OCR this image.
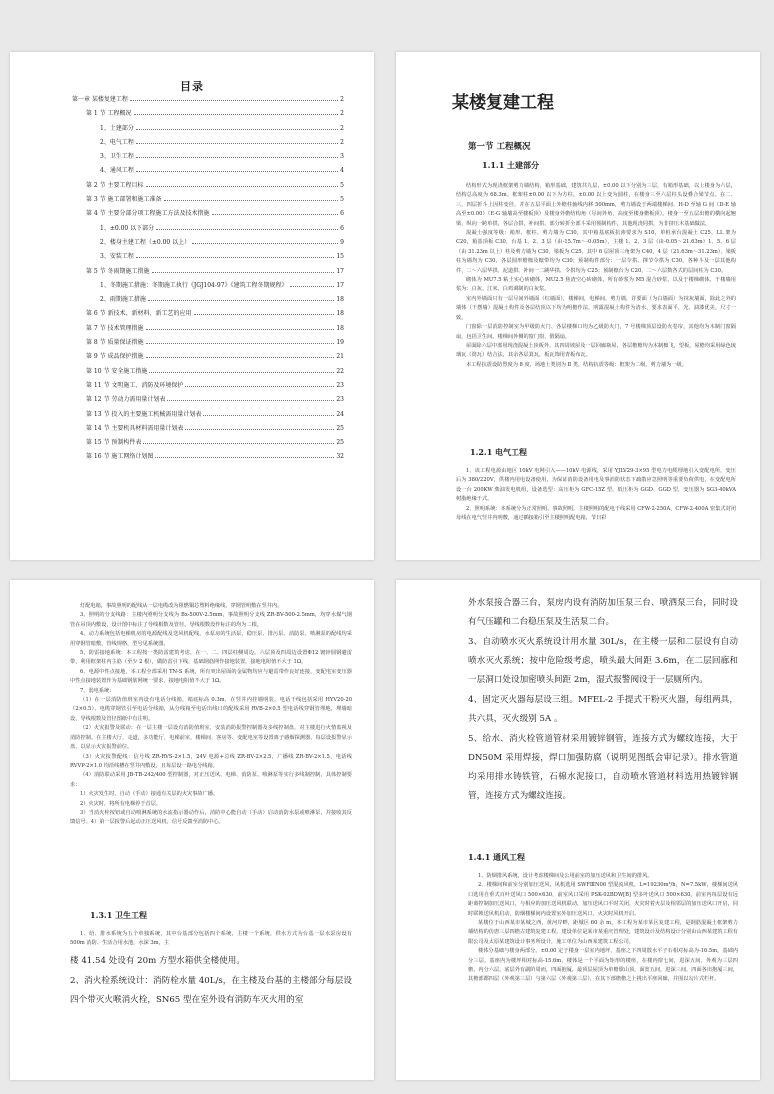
目录
第一章 某楼复建工程	2
第 1 节 工程概况	2
1、土建部分	2
2、电气工程	2
3、卫生工程	3
4、通风工程	4
第 2 节 主要工程目标	5
第 3 节 施工部署和施工准备	5
第 4 节 主要分部分项工程施工方法及技术措施	6
1、±0.00 以下部分	6
2、楼身主建工程（±0.00 以上）	9
3、安装工程	15
第 5 节 冬雨期施工措施	17
1、冬期施工措施：冬期施工执行《JGJ104-97》《建筑工程冬期规程》	17
2、雨期施工措施	18
第 6 节 新技术、新材料、新工艺的应用	18
第 7 节 技术管理措施	18
第 8 节 质量保证措施	19
第 9 节 成品保护措施	21
第 10 节 安全施工措施	22
第 11 节 文明施工、消防及环境保护	23
第 12 节 劳动力需用量计划表	23
第 13 节 投入的主要施工机械需用量计划表	24
第 14 节 主要机具材料需用量计划表	25
第 15 节 预制构件表	25
第 16 节 施工网络计划图	32
某楼复建工程
第一节 工程概况
1.1.1 土建部分

结构形式为现浇框架剪力墙结构，箱形基础，建筑共九层，±0.00 以下分别为三层，有箱形基础，以上楼身为六层，结构总高度为 68.3m。框架柱±0.00 以下为方柱，±0.00 以上变为圆柱，在楼身三至六层柱头设叠合梁节点。在二、三、四层折斗上因柱变径，并在五层平面上外檐柱轴线内移 500mm，剪力墙设于两端楼梯间、H-D 至轴 G 间（D-E 轴高至±0.00）（E-G 轴墙高至楼板顶）及楼身外檐结构角（尽间外角，高度至楼身檐板顶）。楼身一至五层出檐的横向起翘梁，纵向一跨单拱，各层合拱，补间拱，部分转折全部斗采用预制构件，其他现浇同拱，为非挤压木基础做法。

混凝土强度等级：箱形、框柱、剪力墙为 C30，其中箱基底板抗渗要求为 S10，单桩承台混凝土 C25，LL 架为 C20，箱基顶板 C30，台基 1、2、3 层（由-15.7m～-0.05m），主楼 1、2、3 层（由-0.05～21.63m）1、5、6 层（由 31.23m 以上）柱及剪力墙为 C30，梁板为 C25，其中 6 层屋顶三角架为 C40，4 层（21.63m～31.23m），梁板柱为墙均为 C30，各层圆形檐檩及檩带均为 C30；预制构件部分：一层令拱、撑节令拱为 C30，各种斗及一层其他构件，二～六层华拱、泥道拱、补间一二跳华拱、令拱均为 C25；预制檩台为 C20，二～六层数各式的层间柱为 C30。

砌体为 MU7.5 粘土实心砖砌体，MU2.5 焦渣空心砖砌体，所有砂浆为 M5 混合砂浆，以及于楼梯砌体，干楼墙用浆为：白灰、江米，白鸡调制的白灰浆。

室内外墙面只有一层尽间外墙面（红墙面），楼梯间，电梯间、剪力墙，并要面（为白墙面）为抹灰墙面，除此之外的墙体（干摆墙）混凝土构件及各层结顶以下均为明檐作法，明露混凝土构件为清水，要求表面平，光，油漆优美。尺寸一致。

门窗除一层消防控制室为甲级防火门、各层楼梯口均为乙级防火门，7 号楼梯顶层设防火卷帘，其他均为木制门窗隔扇，包括卫生间。楼梯间外侧的窗门窗，假隔扇。

屋面除六层中部用现浇混凝土顶板外，其四周坡屋及一层回廊瓶屋，各层檐檐均为木制檩飞，望板，屋檐均采用绿色琉璃瓦（筒瓦）结合法，其余各层箕瓦，板瓦饰用青板布瓦。

本工程抗震设防烈度为 8 度，场地土类别为 Ⅱ 类，结构抗震等级：框架为二级，剪力墙为一级。

1.2.1 电气工程

1、该工程电源由地区 10kV 电网引入——10kV 电源线，采用 YJLV29-3×95 型电力电缆埋地引入变配电所，变压后为 380/220V，供楼内用电设备使用，为保证消防设备用电及事消防状态下疏散应急照明等重要负荷供电，在变配电所设一台 200KW 柴油发电机组，设备选型：高压柜为 GFC-15Z 型，低压柜为 GGD、GGD 型，变压器为 SG3-40kVA 树脂绝缘干式。

2、照明系统：本系统分为正常照明、事故照明。主楼照明的配电干线采用 CFW-2-250A，CFW-2-400A 密集式封闭母线在电气竖井内明敷，通过插接箱引至主楼照明配电箱，节日彩

灯配电箱，事故照明的配线从一层电缆改为阻燃铜芯塑料绝缘线，穿钢管明敷在竖井内。

3、照明的分支线路：主楼内照明分支线为 Bx-500V-2.5mm，事故照明分支线 ZR-BV-500-2.5mm，均穿水煤气钢管在吊顶内敷设，设计图中标注了导线根数及管径，导线根数没作标注的均为二根。

4、动力系统包括电梯机房的电源配线及送风机配线，水泵房的生活泵，稳压泵、排污泵、消防泵、喷淋泵的配线均采用穿钢管暗敷，管线规格，型号见系统图。

5、防雷接地系统：本工程按一类防雷建筑考虑，在一、二、四层柱侧周边，六层顶及四周边设置Φ12 镀锌圆钢避雷带，利用框架柱内主筋（至少 2 根），做防雷引下线，基础钢筋网作接地装置，接地电阻值不大于 1Ω。

6、电源中性点接地，本工程全部采用 TN-S 系统，所有突出屋面的金属物均应与避雷带作良好连接，变配电室变压器中性点接地装置作为基础钢筋网统一要求，接地电阻值不大于 1Ω。

7、弱电系统：

（1）在一层消防值班室内设有电话分线箱，箱底标高 0.3m，在竖井内挂墙明装，电话干线包括采用 HYV20-20（2×0.5），电缆穿钢管引至电话分线箱，从分线箱至电话出线口的配线采用 RVB-2×0.5 型电话线穿钢管埋地，埋墙暗设，导线根数及管径图纸中有注明。

（2）火灾报警及联动：在一层主楼一层设有消防值班室，安装消防报警控制器及多线控制盘，对主楼进行火情监视及消防控制。在主楼大厅，走道，多功能厅，电梯前室，楼梯间、客房等、变配电室等设置离子感烟探测器，每层设报警显示盘，以显示火灾报警前位。

（3）火灾报警配线：信号线 ZR-RVS-2×1.5，24V 电源+总线 ZR-BV-2×2.5，广播线 ZR-BV-2×1.5，电话线 RVVP-2×1.0 均沿线槽在竖井内敷设，且每层设一路电分线箱。

（4）消防联动采用 JB-TB-242/400 型控制器，对正压送风、电梯、消防泵、喷淋泵等实行多线制控制，具体控制要求：

1）火灾发生时，自动（手动）接通有关层的火灾事故广播。

2）火灾时，将所有电梯停于首层。

3）当消火栓按钮或自动喷淋系统的水流指示器动作后，消防中心能自动（手动）启动消防水泵或喷淋泵，并接收其反馈信号。4）第一层报警后起动正压送风机，信号反馈至消防中心。

1.3.1 卫生工程

1、给、排水系统为五个单独系统，其中台基部分包括四个系统，主楼一个系统，供水方式为台基一层水泵房设有 500m 消防、生活合用水池，水深 3m，主

楼 41.54 处设有 20m 方型水箱供全楼使用。

2、消火栓系统设计：消防栓水量 40L/s，在主楼及台基的主楼部分每层设四个带灭火喉消火栓，SN65 型在室外设有消防车灭火用的室

外水泵接合器三台，泵房内设有消防加压泵三台、喷洒泵三台，同时设有气压罐和二台稳压泵及生活泵二台。

3、自动喷水灭火系统设计用水量 30L/s，在主楼一层和二层设有自动喷水灭火系统；按中危险级考虑，喷头最大间距 3.6m，在二层回廊和一层洞口处设加密喷头间距 2m，湿式报警阀设于一层厕所内。

4、固定灭火器每层设三组。MFEL-2 手提式干粉灭火器，每组两具，共六具，灭火级别 5A 。

5、给水、消火栓管道管材采用镀锌钢管，连接方式为螺纹连接，大于 DN50M 采用焊接，焊口加强防腐（说明见图纸会审记录）。排水管道均采用排水铸铁管，石棉水泥接口，自动喷水管道材料选用热镀锌钢管，连接方式为螺纹连接。

1.4.1 通风工程

1、防烟排风系统，设计考虑楼梯间及公用前室的加压送风和卫生间的排风。

2、楼梯间和前室分别加压送风，风机选用 SWFⅢN06 型混流风机，L=19230m³/h，N=7.5kW，楼梯间送风口选用自垂式百叶送风口 500×630，前室风口采用 PSK-02BDW[B] 型多叶送风口 500×630。前室内每层设有远距离控制加压送风口，与相应的加压送风机联动，加压送风口平时关闭，火灾时着火层及相邻层的加压送风口开启，同时联锁送风机启动，防烟楼梯间内设置室外加压送风口。火灾时风机开启。

某楼位于山西某市某城之西，黄河岸畔，距城区 60 余 m，本工程为某市某区复建工程，是钢筋混凝土框架剪力墙结构的仿唐三层四檐古建筑复建工程，建设单位是某市某重庆管理处，建筑设计及结构设计分别由山西某建筑工程有限公司及太原某建筑设计事务所设计，施工单位为山西某建筑工程公司。

楼体分基础与楼身两部分。±0.00 定于楼身一层室内地坪，基座之下四周散水平子石相对标高为-16.5m，基础内分三层，基座内为楼坪相对标高-15.6m，楼体是一个平面为矩形的楼座，在楼内窗七间，进深五间，外观为三层四檐，内分六层，底层外有副阶周而，四面抱厦，最顶层屋顶为单檐歇山顶，面宽五间，进深三间，四面各出抱厦三间，其檐部都四层（外观第三层）与第六层（外观第三层），在其下部檐檐之上挑出平座回廊，并围以勾片式栏杆。
